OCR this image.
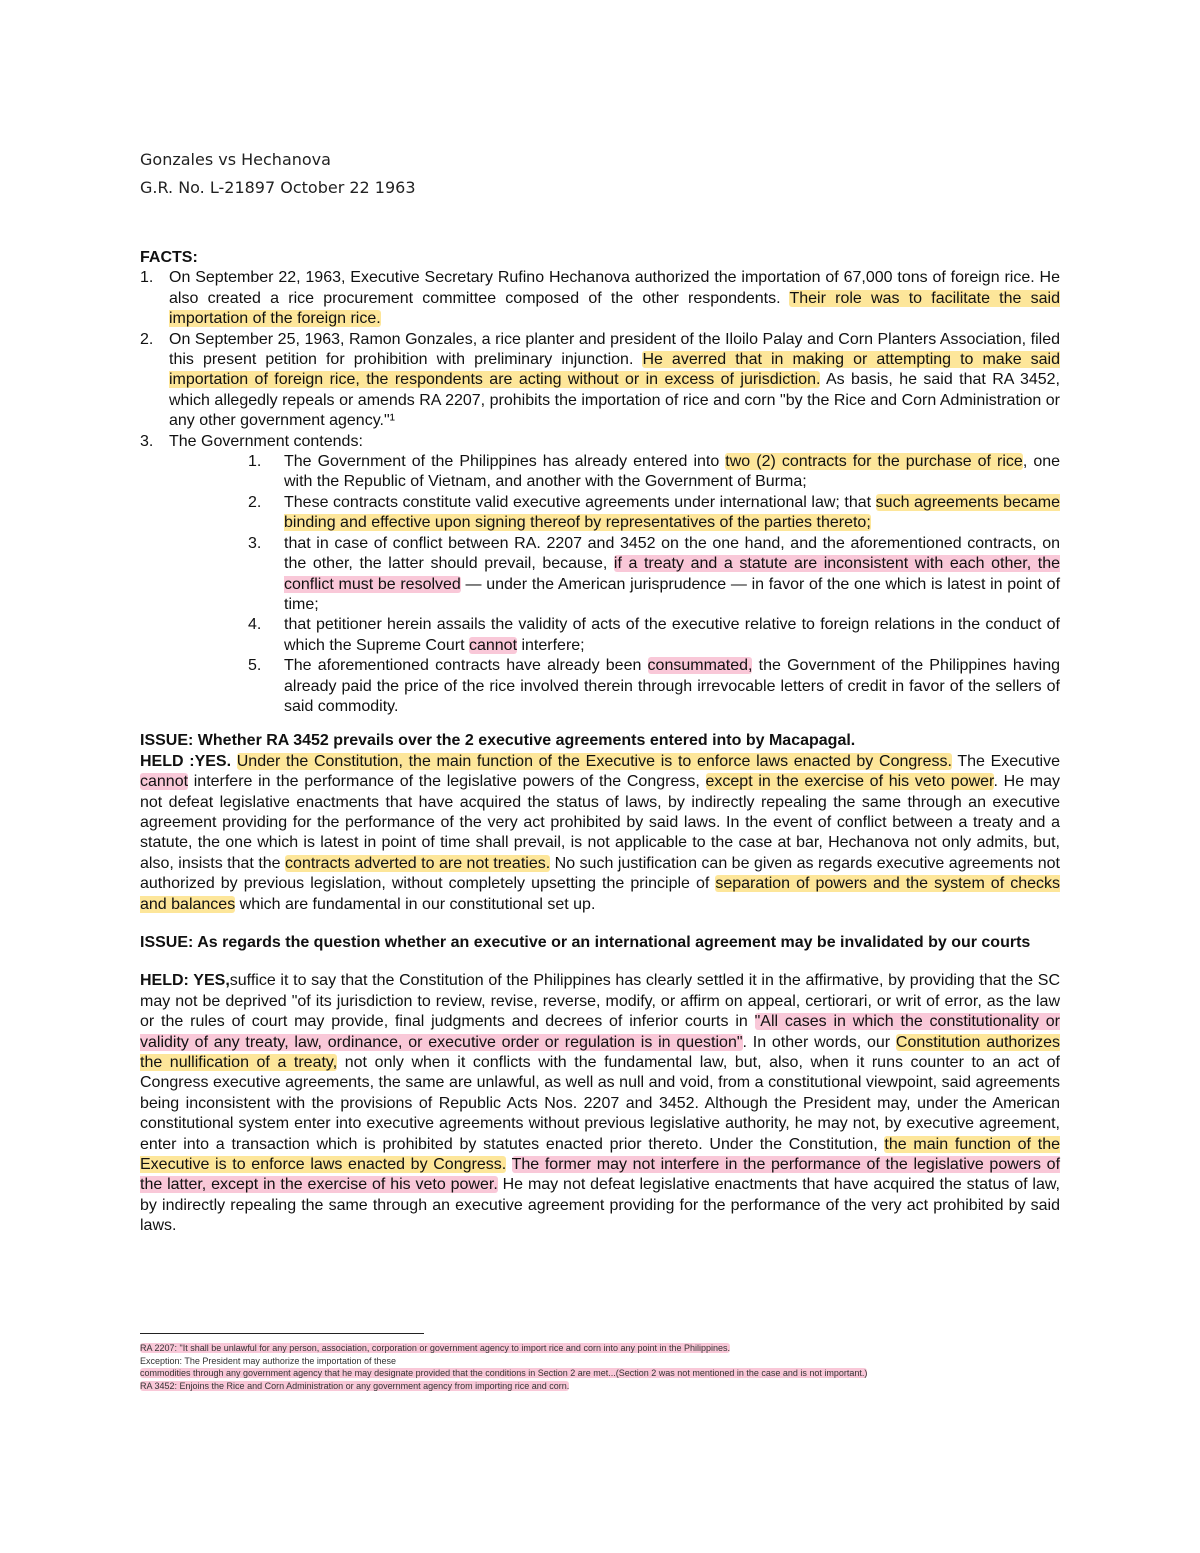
Gonzales vs Hechanova
G.R. No. L-21897 October 22 1963
FACTS:
1. On September 22, 1963, Executive Secretary Rufino Hechanova authorized the importation of 67,000 tons of foreign rice. He also created a rice procurement committee composed of the other respondents. Their role was to facilitate the said importation of the foreign rice.
2. On September 25, 1963, Ramon Gonzales, a rice planter and president of the Iloilo Palay and Corn Planters Association, filed this present petition for prohibition with preliminary injunction. He averred that in making or attempting to make said importation of foreign rice, the respondents are acting without or in excess of jurisdiction. As basis, he said that RA 3452, which allegedly repeals or amends RA 2207, prohibits the importation of rice and corn "by the Rice and Corn Administration or any other government agency."¹
3. The Government contends:
1.	The Government of the Philippines has already entered into two (2) contracts for the purchase of rice, one with the Republic of Vietnam, and another with the Government of Burma;
2.	These contracts constitute valid executive agreements under international law; that such agreements became binding and effective upon signing thereof by representatives of the parties thereto;
3.	that in case of conflict between RA. 2207 and 3452 on the one hand, and the aforementioned contracts, on the other, the latter should prevail, because, if a treaty and a statute are inconsistent with each other, the conflict must be resolved — under the American jurisprudence — in favor of the one which is latest in point of time;
4.	that petitioner herein assails the validity of acts of the executive relative to foreign relations in the conduct of which the Supreme Court cannot interfere;
5.	The aforementioned contracts have already been consummated, the Government of the Philippines having already paid the price of the rice involved therein through irrevocable letters of credit in favor of the sellers of said commodity.
ISSUE: Whether RA 3452 prevails over the 2 executive agreements entered into by Macapagal.
HELD :YES. Under the Constitution, the main function of the Executive is to enforce laws enacted by Congress. The Executive cannot interfere in the performance of the legislative powers of the Congress, except in the exercise of his veto power. He may not defeat legislative enactments that have acquired the status of laws, by indirectly repealing the same through an executive agreement providing for the performance of the very act prohibited by said laws. In the event of conflict between a treaty and a statute, the one which is latest in point of time shall prevail, is not applicable to the case at bar, Hechanova not only admits, but, also, insists that the contracts adverted to are not treaties. No such justification can be given as regards executive agreements not authorized by previous legislation, without completely upsetting the principle of separation of powers and the system of checks and balances which are fundamental in our constitutional set up.
ISSUE: As regards the question whether an executive or an international agreement may be invalidated by our courts
HELD: YES,suffice it to say that the Constitution of the Philippines has clearly settled it in the affirmative, by providing that the SC may not be deprived "of its jurisdiction to review, revise, reverse, modify, or affirm on appeal, certiorari, or writ of error, as the law or the rules of court may provide, final judgments and decrees of inferior courts in "All cases in which the constitutionality or validity of any treaty, law, ordinance, or executive order or regulation is in question". In other words, our Constitution authorizes the nullification of a treaty, not only when it conflicts with the fundamental law, but, also, when it runs counter to an act of Congress executive agreements, the same are unlawful, as well as null and void, from a constitutional viewpoint, said agreements being inconsistent with the provisions of Republic Acts Nos. 2207 and 3452. Although the President may, under the American constitutional system enter into executive agreements without previous legislative authority, he may not, by executive agreement, enter into a transaction which is prohibited by statutes enacted prior thereto. Under the Constitution, the main function of the Executive is to enforce laws enacted by Congress. The former may not interfere in the performance of the legislative powers of the latter, except in the exercise of his veto power. He may not defeat legislative enactments that have acquired the status of law, by indirectly repealing the same through an executive agreement providing for the performance of the very act prohibited by said laws.
RA 2207: "It shall be unlawful for any person, association, corporation or government agency to import rice and corn into any point in the Philippines.
Exception: The President may authorize the importation of these
commodities through any government agency that he may designate provided that the conditions in Section 2 are met...(Section 2 was not mentioned in the case and is not important.)
RA 3452: Enjoins the Rice and Corn Administration or any government agency from importing rice and corn.
